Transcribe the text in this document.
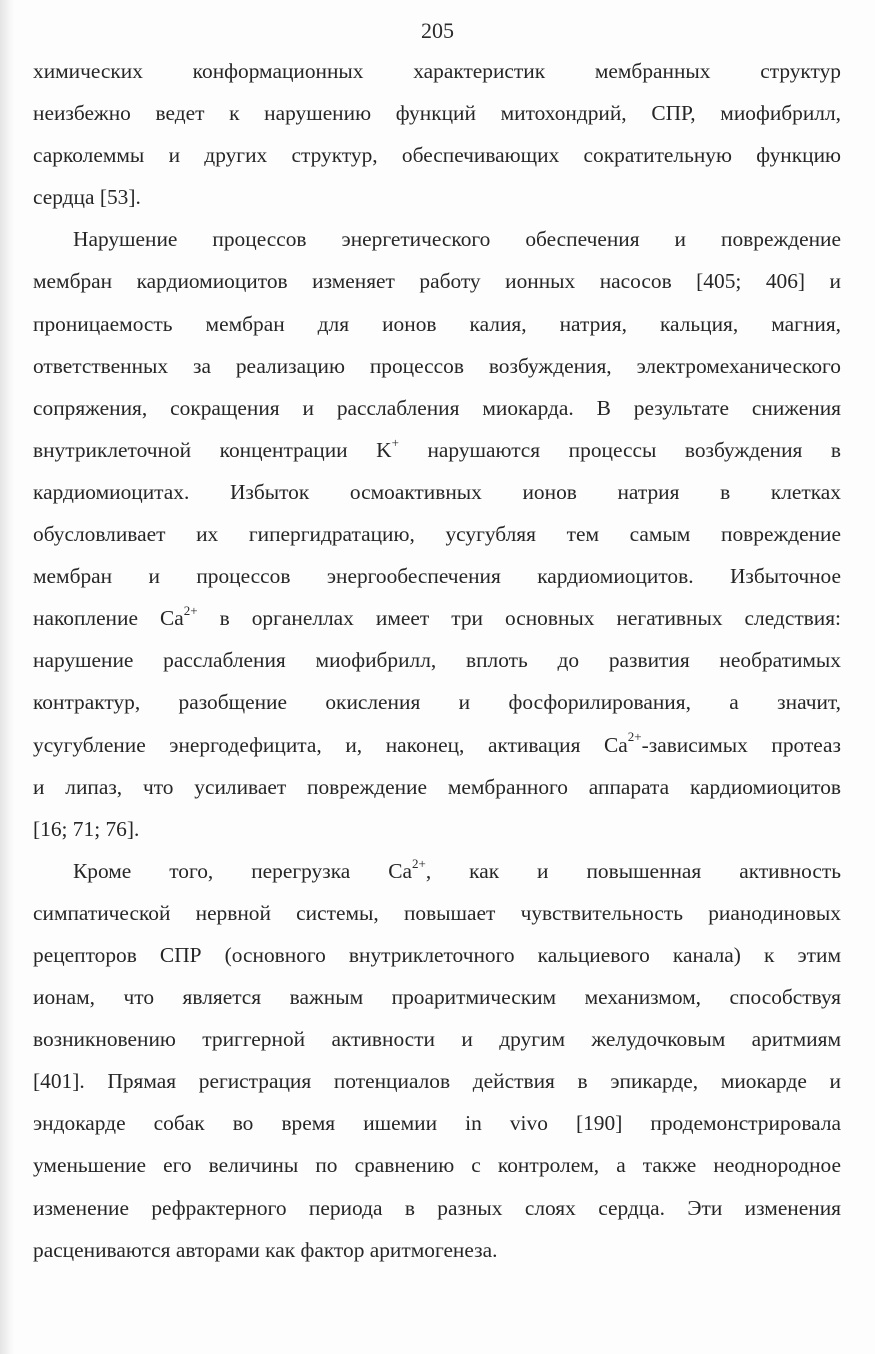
205
химических конформационных характеристик мембранных структур
неизбежно ведет к нарушению функций митохондрий, СПР, миофибрилл,
сарколеммы и других структур, обеспечивающих сократительную функцию
сердца [53].
Нарушение процессов энергетического обеспечения и повреждение
мембран кардиомиоцитов изменяет работу ионных насосов [405; 406] и
проницаемость мембран для ионов калия, натрия, кальция, магния,
ответственных за реализацию процессов возбуждения, электромеханического
сопряжения, сокращения и расслабления миокарда. В результате снижения
внутриклеточной концентрации K+ нарушаются процессы возбуждения в
кардиомиоцитах. Избыток осмоактивных ионов натрия в клетках
обусловливает их гипергидратацию, усугубляя тем самым повреждение
мембран и процессов энергообеспечения кардиомиоцитов. Избыточное
накопление $Ca^{2+}$ в органеллах имеет три основных негативных следствия:
нарушение расслабления миофибрилл, вплоть до развития необратимых
контрактур, разобщение окисления и фосфорилирования, а значит,
усугубление энергодефицита, и, наконец, активация $Ca^{2+}$-зависимых протеаз
и липаз, что усиливает повреждение мембранного аппарата кардиомиоцитов
[16; 71; 76].
Кроме того, перегрузка $Ca^{2+}$, как и повышенная активность
симпатической нервной системы, повышает чувствительность рианодиновых
рецепторов СПР (основного внутриклеточного кальциевого канала) к этим
ионам, что является важным проаритмическим механизмом, способствуя
возникновению триггерной активности и другим желудочковым аритмиям
[401]. Прямая регистрация потенциалов действия в эпикарде, миокарде и
эндокарде собак во время ишемии in vivo [190] продемонстрировала
уменьшение его величины по сравнению с контролем, а также неоднородное
изменение рефрактерного периода в разных слоях сердца. Эти изменения
расцениваются авторами как фактор аритмогенеза.
